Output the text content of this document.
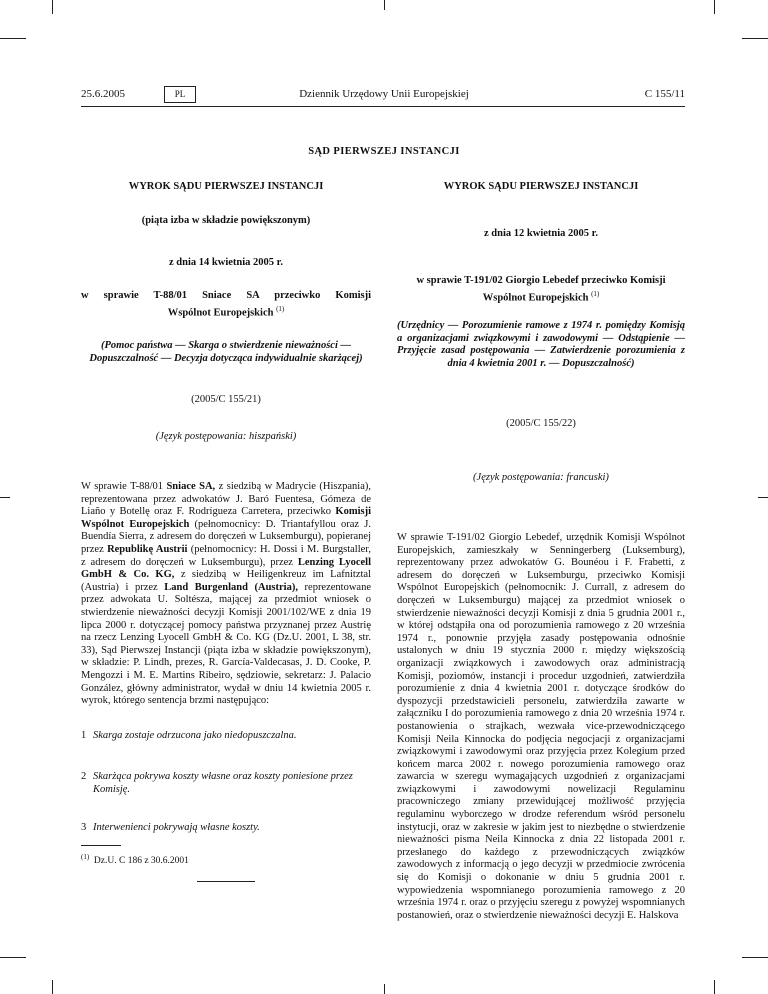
25.6.2005	PL	Dziennik Urzędowy Unii Europejskiej	C 155/11
SĄD PIERWSZEJ INSTANCJI
WYROK SĄDU PIERWSZEJ INSTANCJI
(piąta izba w składzie powiększonym)
z dnia 14 kwietnia 2005 r.
w sprawie T-88/01 Sniace SA przeciwko Komisji
Wspólnot Europejskich $^{(1)}$
(Pomoc państwa — Skarga o stwierdzenie nieważności — Dopuszczalność — Decyzja dotycząca indywidualnie skarżącej)
(2005/C 155/21)
(Język postępowania: hiszpański)
W sprawie T-88/01 Sniace SA, z siedzibą w Madrycie (Hiszpania), reprezentowana przez adwokatów J. Baró Fuentesa, Gómeza de Liaño y Botellę oraz F. Rodrígueza Carretera, przeciwko Komisji Wspólnot Europejskich (pełnomocnicy: D. Triantafyllou oraz J. Buendía Sierra, z adresem do doręczeń w Luksemburgu), popieranej przez Republikę Austrii (pełnomocnicy: H. Dossi i M. Burgstaller, z adresem do doręczeń w Luksemburgu), przez Lenzing Lyocell GmbH & Co. KG, z siedzibą w Heiligenkreuz im Lafnitztal (Austria) i przez Land Burgenland (Austria), reprezentowane przez adwokata U. Soltésza, mającej za przedmiot wniosek o stwierdzenie nieważności decyzji Komisji 2001/102/WE z dnia 19 lipca 2000 r. dotyczącej pomocy państwa przyznanej przez Austrię na rzecz Lenzing Lyocell GmbH & Co. KG (Dz.U. 2001, L 38, str. 33), Sąd Pierwszej Instancji (piąta izba w składzie powiększonym), w składzie: P. Lindh, prezes, R. García-Valdecasas, J. D. Cooke, P. Mengozzi i M. E. Martins Ribeiro, sędziowie, sekretarz: J. Palacio González, główny administrator, wydał w dniu 14 kwietnia 2005 r. wyrok, którego sentencja brzmi następująco:
1 Skarga zostaje odrzucona jako niedopuszczalna.
2 Skarżąca pokrywa koszty własne oraz koszty poniesione przez Komisję.
3 Interwenienci pokrywają własne koszty.
$^{(1)}$ Dz.U. C 186 z 30.6.2001
WYROK SĄDU PIERWSZEJ INSTANCJI
z dnia 12 kwietnia 2005 r.
w sprawie T-191/02 Giorgio Lebedef przeciwko Komisji Wspólnot Europejskich $^{(1)}$
(Urzędnicy — Porozumienie ramowe z 1974 r. pomiędzy Komisją a organizacjami związkowymi i zawodowymi — Odstąpienie — Przyjęcie zasad postępowania — Zatwierdzenie porozumienia z dnia 4 kwietnia 2001 r. — Dopuszczalność)
(2005/C 155/22)
(Język postępowania: francuski)
W sprawie T-191/02 Giorgio Lebedef, urzędnik Komisji Wspólnot Europejskich, zamieszkały w Senningerberg (Luksemburg), reprezentowany przez adwokatów G. Bounéou i F. Frabetti, z adresem do doręczeń w Luksemburgu, przeciwko Komisji Wspólnot Europejskich (pełnomocnik: J. Currall, z adresem do doręczeń w Luksemburgu) mającej za przedmiot wniosek o stwierdzenie nieważności decyzji Komisji z dnia 5 grudnia 2001 r., w której odstąpiła ona od porozumienia ramowego z 20 września 1974 r., ponownie przyjęła zasady postępowania odnośnie ustalonych w dniu 19 stycznia 2000 r. między większością organizacji związkowych i zawodowych oraz administracją Komisji, poziomów, instancji i procedur uzgodnień, zatwierdziła porozumienie z dnia 4 kwietnia 2001 r. dotyczące środków do dyspozycji przedstawicieli personelu, zatwierdziła zawarte w załączniku I do porozumienia ramowego z dnia 20 września 1974 r. postanowienia o strajkach, wezwała vice-przewodniczącego Komisji Neila Kinnocka do podjęcia negocjacji z organizacjami związkowymi i zawodowymi oraz przyjęcia przez Kolegium przed końcem marca 2002 r. nowego porozumienia ramowego oraz zawarcia w szeregu wymagających uzgodnień z organizacjami związkowymi i zawodowymi nowelizacji Regulaminu pracowniczego zmiany przewidującej możliwość przyjęcia regulaminu wyborczego w drodze referendum wśród personelu instytucji, oraz w zakresie w jakim jest to niezbędne o stwierdzenie nieważności pisma Neila Kinnocka z dnia 22 listopada 2001 r. przesłanego do każdego z przewodniczących związków zawodowych z informacją o jego decyzji w przedmiocie zwrócenia się do Komisji o dokonanie w dniu 5 grudnia 2001 r. wypowiedzenia wspomnianego porozumienia ramowego z 20 września 1974 r. oraz o przyjęciu szeregu z powyżej wspomnianych postanowień, oraz o stwierdzenie nieważności decyzji E. Halskova
